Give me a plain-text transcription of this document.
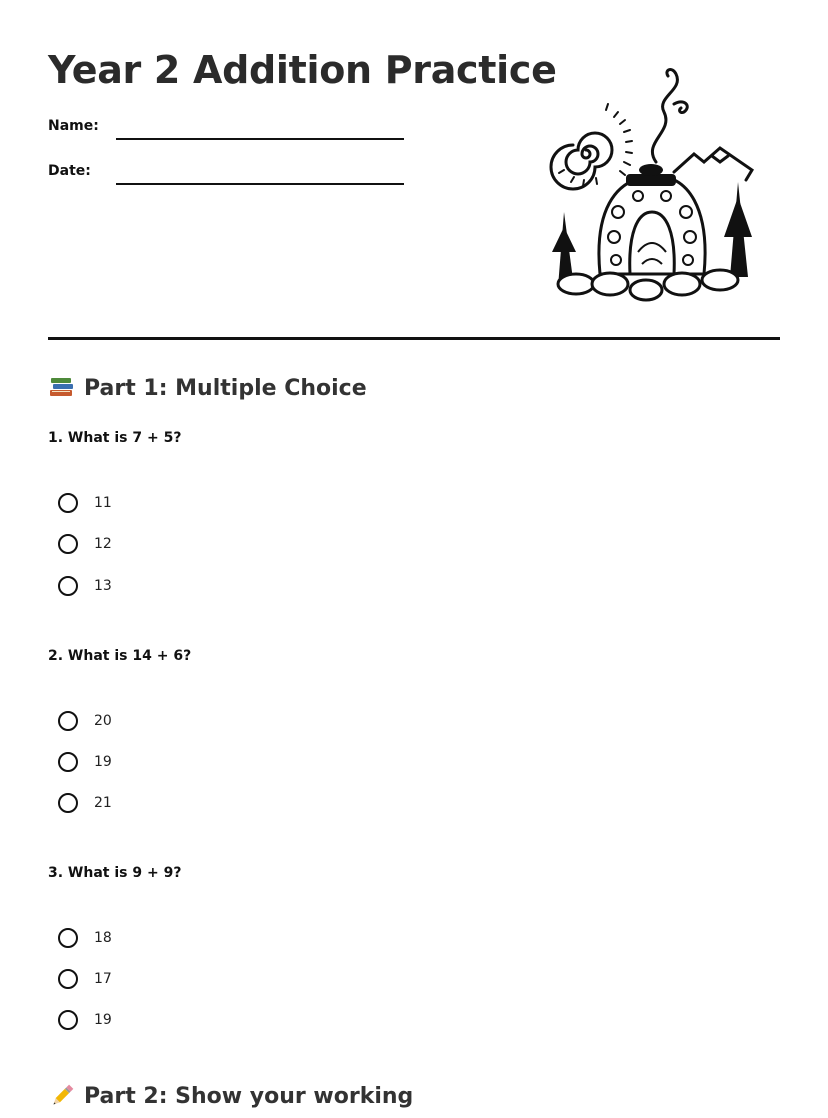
Year 2 Addition Practice
Name:
Date:
Part 1: Multiple Choice

1. What is 7 + 5?

11
12
13

2. What is 14 + 6?

20
19
21

3. What is 9 + 9?

18
17
19
Part 2: Show your working
